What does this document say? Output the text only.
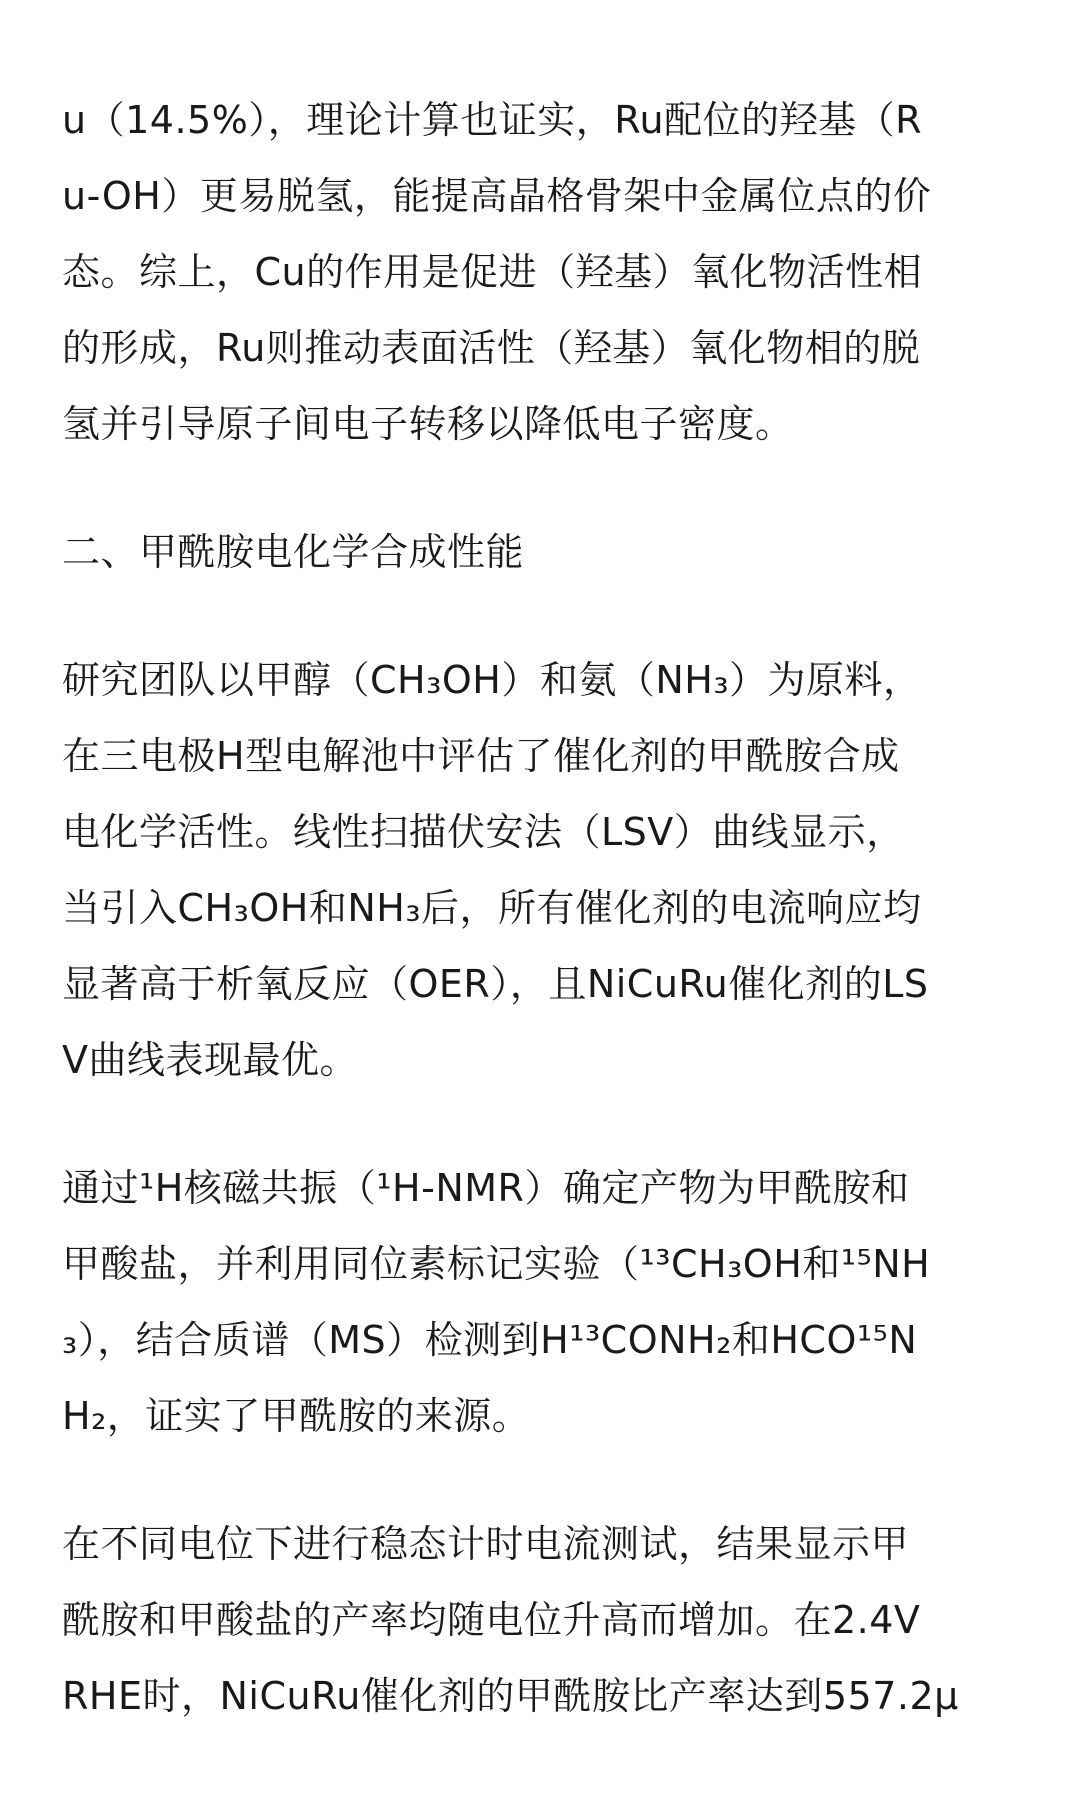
u（14.5%），理论计算也证实，Ru配位的羟基（R
u-OH）更易脱氢，能提高晶格骨架中金属位点的价
态。综上，Cu的作用是促进（羟基）氧化物活性相
的形成，Ru则推动表面活性（羟基）氧化物相的脱
氢并引导原子间电子转移以降低电子密度。

二、甲酰胺电化学合成性能

研究团队以甲醇（CH₃OH）和氨（NH₃）为原料，
在三电极H型电解池中评估了催化剂的甲酰胺合成
电化学活性。线性扫描伏安法（LSV）曲线显示，
当引入CH₃OH和NH₃后，所有催化剂的电流响应均
显著高于析氧反应（OER），且NiCuRu催化剂的LS
V曲线表现最优。

通过¹H核磁共振（¹H-NMR）确定产物为甲酰胺和
甲酸盐，并利用同位素标记实验（¹³CH₃OH和¹⁵NH
₃），结合质谱（MS）检测到H¹³CONH₂和HCO¹⁵N
H₂，证实了甲酰胺的来源。

在不同电位下进行稳态计时电流测试，结果显示甲
酰胺和甲酸盐的产率均随电位升高而增加。在2.4V
RHE时，NiCuRu催化剂的甲酰胺比产率达到557.2μ
